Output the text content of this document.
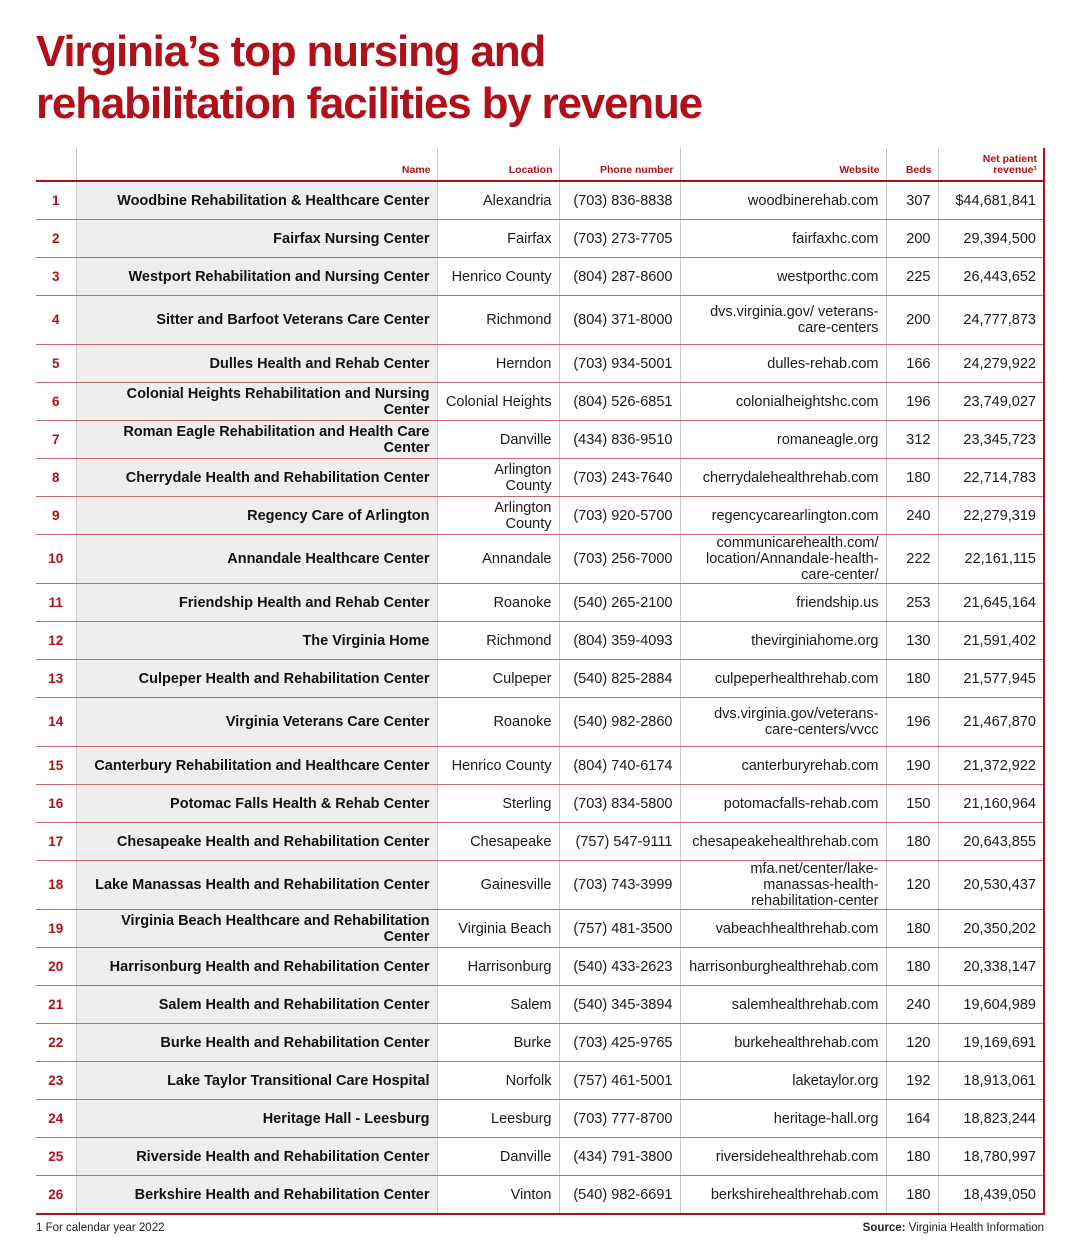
Virginia’s top nursing and
rehabilitation facilities by revenue
	Name	Location	Phone number	Website	Beds	Net patient
revenue¹
1	Woodbine Rehabilitation & Healthcare Center	Alexandria	(703) 836-8838	woodbinerehab.com	307	$44,681,841
2	Fairfax Nursing Center	Fairfax	(703) 273-7705	fairfaxhc.com	200	29,394,500
3	Westport Rehabilitation and Nursing Center	Henrico County	(804) 287-8600	westporthc.com	225	26,443,652
4	Sitter and Barfoot Veterans Care Center	Richmond	(804) 371-8000	dvs.virginia.gov/ veterans-care-centers	200	24,777,873
5	Dulles Health and Rehab Center	Herndon	(703) 934-5001	dulles-rehab.com	166	24,279,922
6	Colonial Heights Rehabilitation and Nursing Center	Colonial Heights	(804) 526-6851	colonialheightshc.com	196	23,749,027
7	Roman Eagle Rehabilitation and Health Care Center	Danville	(434) 836-9510	romaneagle.org	312	23,345,723
8	Cherrydale Health and Rehabilitation Center	Arlington County	(703) 243-7640	cherrydalehealthrehab.com	180	22,714,783
9	Regency Care of Arlington	Arlington County	(703) 920-5700	regencycarearlington.com	240	22,279,319
10	Annandale Healthcare Center	Annandale	(703) 256-7000	communicarehealth.com/ location/Annandale-health- care-center/	222	22,161,115
11	Friendship Health and Rehab Center	Roanoke	(540) 265-2100	friendship.us	253	21,645,164
12	The Virginia Home	Richmond	(804) 359-4093	thevirginiahome.org	130	21,591,402
13	Culpeper Health and Rehabilitation Center	Culpeper	(540) 825-2884	culpeperhealthrehab.com	180	21,577,945
14	Virginia Veterans Care Center	Roanoke	(540) 982-2860	dvs.virginia.gov/veterans- care-centers/vvcc	196	21,467,870
15	Canterbury Rehabilitation and Healthcare Center	Henrico County	(804) 740-6174	canterburyrehab.com	190	21,372,922
16	Potomac Falls Health & Rehab Center	Sterling	(703) 834-5800	potomacfalls-rehab.com	150	21,160,964
17	Chesapeake Health and Rehabilitation Center	Chesapeake	(757) 547-9111	chesapeakehealthrehab.com	180	20,643,855
18	Lake Manassas Health and Rehabilitation Center	Gainesville	(703) 743-3999	mfa.net/center/lake- manassas-health- rehabilitation-center	120	20,530,437
19	Virginia Beach Healthcare and Rehabilitation Center	Virginia Beach	(757) 481-3500	vabeachhealthrehab.com	180	20,350,202
20	Harrisonburg Health and Rehabilitation Center	Harrisonburg	(540) 433-2623	harrisonburghealthrehab.com	180	20,338,147
21	Salem Health and Rehabilitation Center	Salem	(540) 345-3894	salemhealthrehab.com	240	19,604,989
22	Burke Health and Rehabilitation Center	Burke	(703) 425-9765	burkehealthrehab.com	120	19,169,691
23	Lake Taylor Transitional Care Hospital	Norfolk	(757) 461-5001	laketaylor.org	192	18,913,061
24	Heritage Hall - Leesburg	Leesburg	(703) 777-8700	heritage-hall.org	164	18,823,244
25	Riverside Health and Rehabilitation Center	Danville	(434) 791-3800	riversidehealthrehab.com	180	18,780,997
26	Berkshire Health and Rehabilitation Center	Vinton	(540) 982-6691	berkshirehealthrehab.com	180	18,439,050
1 For calendar year 2022	Source: Virginia Health Information
